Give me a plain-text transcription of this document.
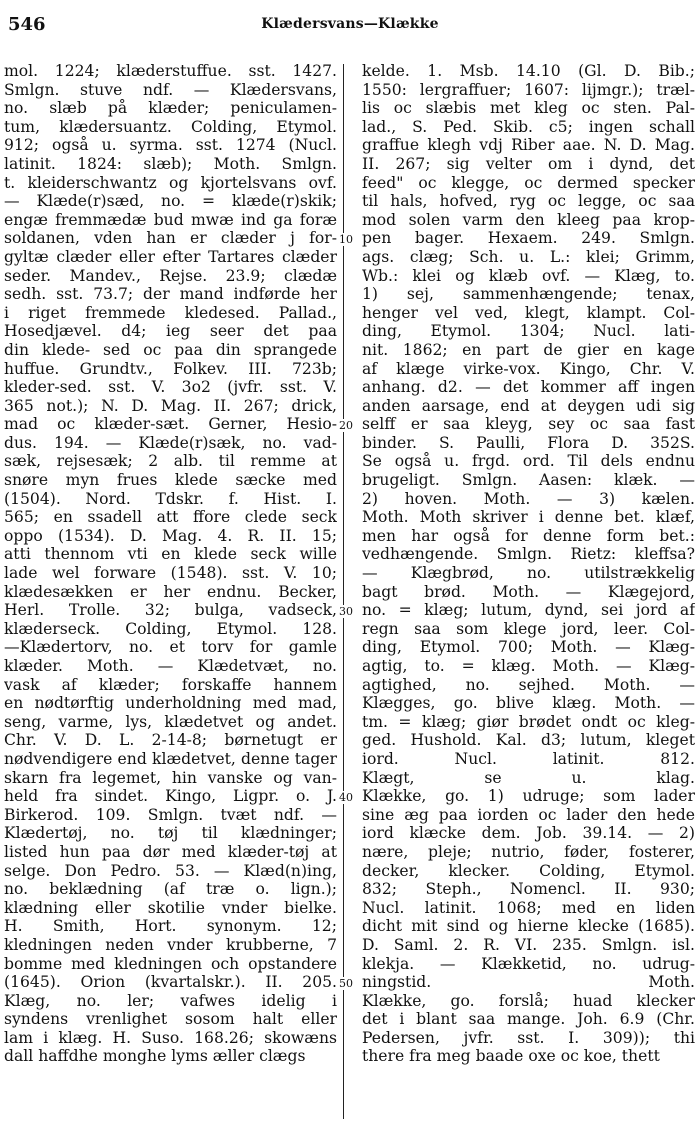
546	Klædersvans—Klække
mol. 1224; klæderstuffue. sst. 1427.
Smlgn. stuve ndf. — Klædersvans,
no. slæb på klæder; peniculamen-
tum, klædersuantz. Colding, Etymol.
912; også u. syrma. sst. 1274 (Nucl.
latinit. 1824: slæb); Moth. Smlgn.
t. kleiderschwantz og kjortelsvans ovf.
— Klæde(r)sæd, no. = klæde(r)skik;
engæ fremmædæ bud mwæ ind ga foræ
soldanen, vden han er clæder j for-
gyltæ clæder eller efter Tartares clæder
seder. Mandev., Rejse. 23.9; clædæ
sedh. sst. 73.7; der mand indførde her
i riget fremmede kledesed. Pallad.,
Hosedjævel. d4; ieg seer det paa
din klede- sed oc paa din sprangede
huffue. Grundtv., Folkev. III. 723b;
kleder-sed. sst. V. 3o2 (jvfr. sst. V.
365 not.); N. D. Mag. II. 267; drick,
mad oc klæder-sæt. Gerner, Hesio-
dus. 194. — Klæde(r)sæk, no. vad-
sæk, rejsesæk; 2 alb. til remme at
snøre myn frues klede sæcke med
(1504). Nord. Tdskr. f. Hist. I.
565; en ssadell att ffore clede seck
oppo (1534). D. Mag. 4. R. II. 15;
atti thennom vti en klede seck wille
lade wel forware (1548). sst. V. 10;
klædesækken er her endnu. Becker,
Herl. Trolle. 32; bulga, vadseck,
klæderseck. Colding, Etymol. 128.
—Klædertorv, no. et torv for gamle
klæder. Moth. — Klædetvæt, no.
vask af klæder; forskaffe hannem
en nødtørftig underholdning med mad,
seng, varme, lys, klædetvet og andet.
Chr. V. D. L. 2-14-8; børnetugt er
nødvendigere end klædetvet, denne tager
skarn fra legemet, hin vanske og van-
held fra sindet. Kingo, Ligpr. o. J.
Birkerod. 109. Smlgn. tvæt ndf. —
Klædertøj, no. tøj til klædninger;
listed hun paa dør med klæder-tøj at
selge. Don Pedro. 53. — Klæd(n)ing,
no. beklædning (af træ o. lign.);
klædning eller skotilie vnder bielke.
H. Smith, Hort. synonym. 12;
kledningen neden vnder krubberne, 7
bomme med kledningen och opstandere
(1645). Orion (kvartalskr.). II. 205.
Klæg, no. ler; vafwes idelig i
syndens vrenlighet sosom halt eller
lam i klæg. H. Suso. 168.26; skowæns
dall haffdhe monghe lyms æller clægs
10
20
30
40
50
kelde. 1. Msb. 14.10 (Gl. D. Bib.;
1550: lergraffuer; 1607: lijmgr.); træl-
lis oc slæbis met kleg oc sten. Pal-
lad., S. Ped. Skib. c5; ingen schall
graffue klegh vdj Riber aae. N. D. Mag.
II. 267; sig velter om i dynd, det
feed" oc klegge, oc dermed specker
til hals, hofved, ryg oc legge, oc saa
mod solen varm den kleeg paa krop-
pen bager. Hexaem. 249. Smlgn.
ags. clæg; Sch. u. L.: klei; Grimm,
Wb.: klei og klæb ovf. — Klæg, to.
1) sej, sammenhængende; tenax,
henger vel ved, klegt, klampt. Col-
ding, Etymol. 1304; Nucl. lati-
nit. 1862; en part de gier en kage
af klæge virke-vox. Kingo, Chr. V.
anhang. d2. — det kommer aff ingen
anden aarsage, end at deygen udi sig
selff er saa kleyg, sey oc saa fast
binder. S. Paulli, Flora D. 352S.
Se også u. frgd. ord. Til dels endnu
brugeligt. Smlgn. Aasen: klæk. —
2) hoven. Moth. — 3) kælen.
Moth. Moth skriver i denne bet. klæf,
men har også for denne form bet.:
vedhængende. Smlgn. Rietz: kleffsa?
— Klægbrød, no. utilstrækkelig
bagt brød. Moth. — Klægejord,
no. = klæg; lutum, dynd, sei jord af
regn saa som klege jord, leer. Col-
ding, Etymol. 700; Moth. — Klæg-
agtig, to. = klæg. Moth. — Klæg-
agtighed, no. sejhed. Moth. —
Klægges, go. blive klæg. Moth. —
tm. = klæg; giør brødet ondt oc kleg-
ged. Hushold. Kal. d3; lutum, kleget
iord. Nucl. latinit. 812.
Klægt, se u. klag.
Klække, go. 1) udruge; som lader
sine æg paa iorden oc lader den hede
iord klæcke dem. Job. 39.14. — 2)
nære, pleje; nutrio, føder, fosterer,
decker, klecker. Colding, Etymol.
832; Steph., Nomencl. II. 930;
Nucl. latinit. 1068; med en liden
dicht mit sind og hierne klecke (1685).
D. Saml. 2. R. VI. 235. Smlgn. isl.
klekja. — Klækketid, no. udrug-
ningstid. Moth.
Klække, go. forslå; huad klecker
det i blant saa mange. Joh. 6.9 (Chr.
Pedersen, jvfr. sst. I. 309)); thi
there fra meg baade oxe oc koe, thett
